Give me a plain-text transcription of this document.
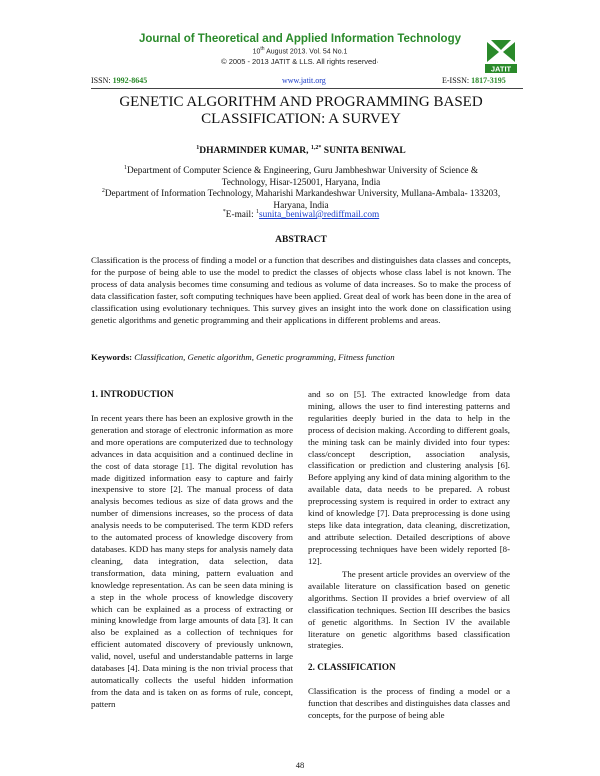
Journal of Theoretical and Applied Information Technology
10th August 2013. Vol. 54 No.1
© 2005 - 2013 JATIT & LLS. All rights reserved·
JATIT
ISSN: 1992-8645	www.jatit.org	E-ISSN: 1817-3195
GENETIC ALGORITHM AND PROGRAMMING BASED
CLASSIFICATION: A SURVEY
$^1$DHARMINDER KUMAR, $^{1,2*}$ SUNITA BENIWAL
$^1$Department of Computer Science & Engineering, Guru Jambheshwar University of Science &
Technology, Hisar-125001, Haryana, India
$^2$Department of Information Technology, Maharishi Markandeshwar University, Mullana-Ambala- 133203,
Haryana, India
*E-mail: $^1$sunita_beniwal@rediffmail.com
ABSTRACT

Classification is the process of finding a model or a function that describes and distinguishes data classes and concepts, for the purpose of being able to use the model to predict the classes of objects whose class label is not known. The process of data analysis becomes time consuming and tedious as volume of data increases. So to make the process of data classification faster, soft computing techniques have been applied. Great deal of work has been done in the area of classification using evolutionary techniques. This survey gives an insight into the work done on classification using genetic algorithms and genetic programming and their applications in different problems and areas.

Keywords: Classification, Genetic algorithm, Genetic programming, Fitness function
1. INTRODUCTION

In recent years there has been an explosive growth in the generation and storage of electronic information as more and more operations are computerized due to technology advances in data acquisition and a continued decline in the cost of data storage [1]. The digital revolution has made digitized information easy to capture and fairly inexpensive to store [2]. The manual process of data analysis becomes tedious as size of data grows and the number of dimensions increases, so the process of data analysis needs to be computerised. The term KDD refers to the automated process of knowledge discovery from databases. KDD has many steps for analysis namely data cleaning, data integration, data selection, data transformation, data mining, pattern evaluation and knowledge representation. As can be seen data mining is a step in the whole process of knowledge discovery which can be explained as a process of extracting or mining knowledge from large amounts of data [3]. It can also be explained as a collection of techniques for efficient automated discovery of previously unknown, valid, novel, useful and understandable patterns in large databases [4]. Data mining is the non trivial process that automatically collects the useful hidden information from the data and is taken on as forms of rule, concept, pattern

and so on [5]. The extracted knowledge from data mining, allows the user to find interesting patterns and regularities deeply buried in the data to help in the process of decision making. According to different goals, the mining task can be mainly divided into four types: class/concept description, association analysis, classification or prediction and clustering analysis [6]. Before applying any kind of data mining algorithm to the available data, data needs to be prepared. A robust preprocessing system is required in order to extract any kind of knowledge [7]. Data preprocessing is done using steps like data integration, data cleaning, discretization, and attribute selection. Detailed descriptions of above preprocessing techniques have been widely reported [8-12].

The present article provides an overview of the available literature on classification based on genetic algorithms. Section II provides a brief overview of all classification techniques. Section III describes the basics of genetic algorithms. In Section IV the available literature on genetic algorithms based classification strategies.

2. CLASSIFICATION

Classification is the process of finding a model or a function that describes and distinguishes data classes and concepts, for the purpose of being able

48
